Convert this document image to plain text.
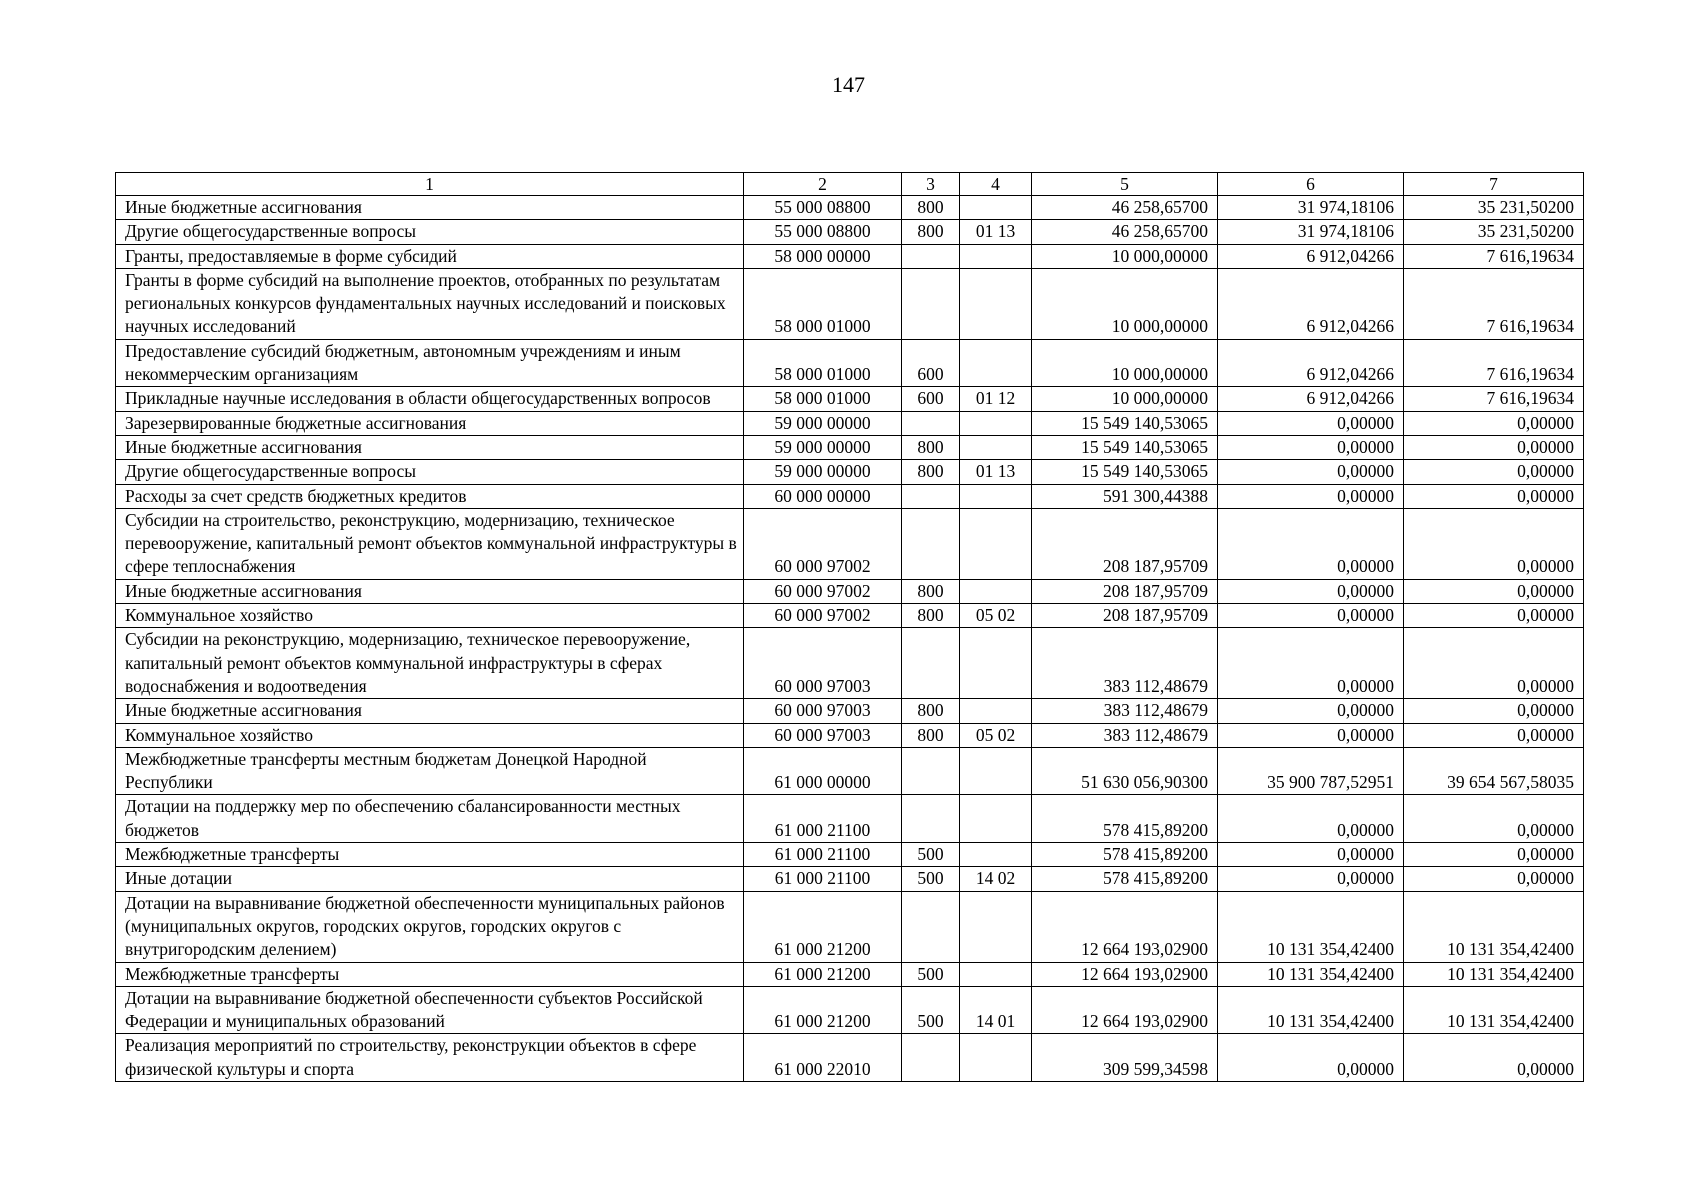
147
1	2	3	4	5	6	7
Иные бюджетные ассигнования	55 000 08800	800		46 258,65700	31 974,18106	35 231,50200
Другие общегосударственные вопросы	55 000 08800	800	01 13	46 258,65700	31 974,18106	35 231,50200
Гранты, предоставляемые в форме субсидий	58 000 00000			10 000,00000	6 912,04266	7 616,19634
Гранты в форме субсидий на выполнение проектов, отобранных по результатам региональных конкурсов фундаментальных научных исследований и поисковых научных исследований	58 000 01000			10 000,00000	6 912,04266	7 616,19634
Предоставление субсидий бюджетным, автономным учреждениям и иным некоммерческим организациям	58 000 01000	600		10 000,00000	6 912,04266	7 616,19634
Прикладные научные исследования в области общегосударственных вопросов	58 000 01000	600	01 12	10 000,00000	6 912,04266	7 616,19634
Зарезервированные бюджетные ассигнования	59 000 00000			15 549 140,53065	0,00000	0,00000
Иные бюджетные ассигнования	59 000 00000	800		15 549 140,53065	0,00000	0,00000
Другие общегосударственные вопросы	59 000 00000	800	01 13	15 549 140,53065	0,00000	0,00000
Расходы за счет средств бюджетных кредитов	60 000 00000			591 300,44388	0,00000	0,00000
Субсидии на строительство, реконструкцию, модернизацию, техническое перевооружение, капитальный ремонт объектов коммунальной инфраструктуры в сфере теплоснабжения	60 000 97002			208 187,95709	0,00000	0,00000
Иные бюджетные ассигнования	60 000 97002	800		208 187,95709	0,00000	0,00000
Коммунальное хозяйство	60 000 97002	800	05 02	208 187,95709	0,00000	0,00000
Субсидии на реконструкцию, модернизацию, техническое перевооружение, капитальный ремонт объектов коммунальной инфраструктуры в сферах водоснабжения и водоотведения	60 000 97003			383 112,48679	0,00000	0,00000
Иные бюджетные ассигнования	60 000 97003	800		383 112,48679	0,00000	0,00000
Коммунальное хозяйство	60 000 97003	800	05 02	383 112,48679	0,00000	0,00000
Межбюджетные трансферты местным бюджетам Донецкой Народной Республики	61 000 00000			51 630 056,90300	35 900 787,52951	39 654 567,58035
Дотации на поддержку мер по обеспечению сбалансированности местных бюджетов	61 000 21100			578 415,89200	0,00000	0,00000
Межбюджетные трансферты	61 000 21100	500		578 415,89200	0,00000	0,00000
Иные дотации	61 000 21100	500	14 02	578 415,89200	0,00000	0,00000
Дотации на выравнивание бюджетной обеспеченности муниципальных районов (муниципальных округов, городских округов, городских округов с внутригородским делением)	61 000 21200			12 664 193,02900	10 131 354,42400	10 131 354,42400
Межбюджетные трансферты	61 000 21200	500		12 664 193,02900	10 131 354,42400	10 131 354,42400
Дотации на выравнивание бюджетной обеспеченности субъектов Российской Федерации и муниципальных образований	61 000 21200	500	14 01	12 664 193,02900	10 131 354,42400	10 131 354,42400
Реализация мероприятий по строительству, реконструкции объектов в сфере физической культуры и спорта	61 000 22010			309 599,34598	0,00000	0,00000
